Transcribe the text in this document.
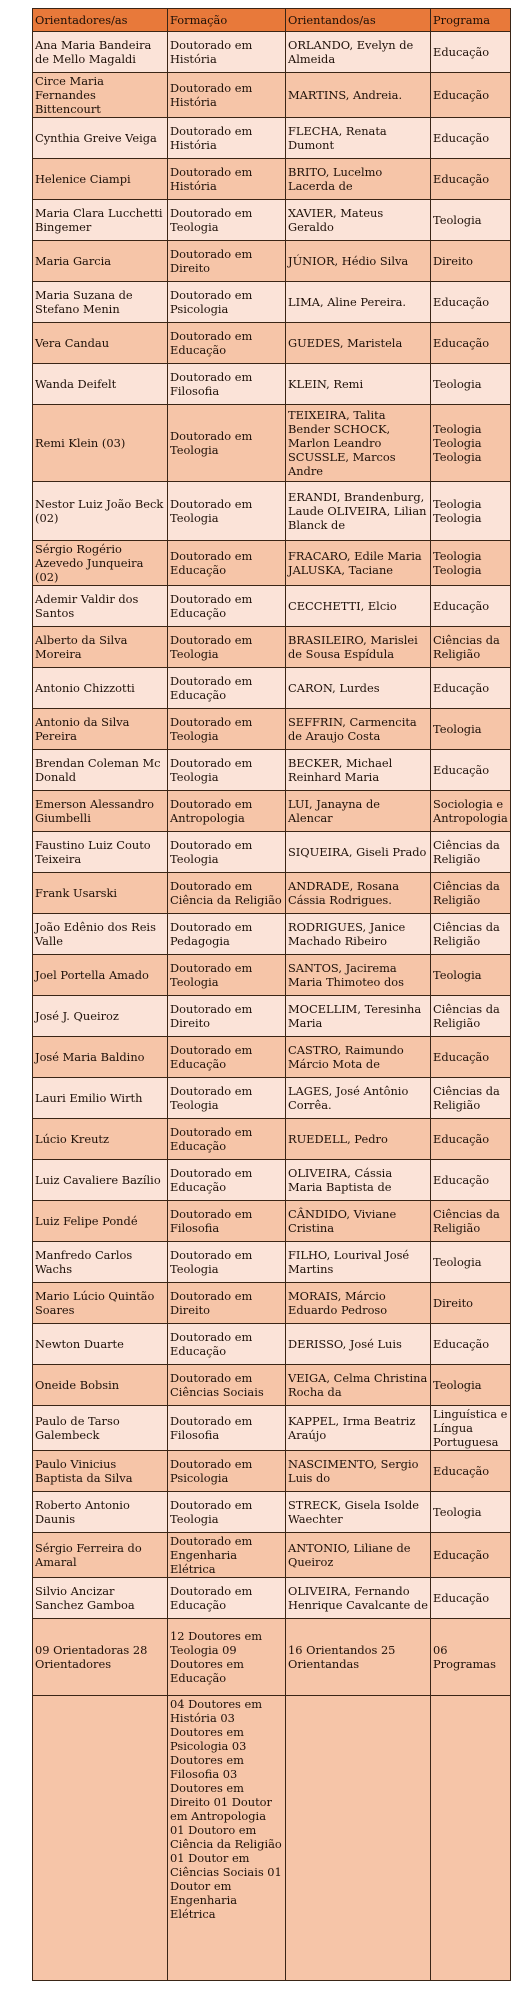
Orientadores/as	Formação	Orientandos/as	Programa
Ana Maria Bandeira de Mello Magaldi	Doutorado em História	ORLANDO, Evelyn de Almeida	Educação
Circe Maria Fernandes Bittencourt	Doutorado em História	MARTINS, Andreia.	Educação
Cynthia Greive Veiga	Doutorado em História	FLECHA, Renata Dumont	Educação
Helenice Ciampi	Doutorado em História	BRITO, Lucelmo Lacerda de	Educação
Maria Clara Lucchetti Bingemer	Doutorado em Teologia	XAVIER, Mateus Geraldo	Teologia
Maria Garcia	Doutorado em Direito	JÚNIOR, Hédio Silva	Direito
Maria Suzana de Stefano Menin	Doutorado em Psicologia	LIMA, Aline Pereira.	Educação
Vera Candau	Doutorado em Educação	GUEDES, Maristela	Educação
Wanda Deifelt	Doutorado em Filosofia	KLEIN, Remi	Teologia
Remi Klein (03)	Doutorado em Teologia	TEIXEIRA, Talita Bender SCHOCK, Marlon Leandro SCUSSLE, Marcos Andre	Teologia Teologia Teologia
Nestor Luiz João Beck (02)	Doutorado em Teologia	ERANDI, Brandenburg, Laude OLIVEIRA, Lilian Blanck de	Teologia Teologia
Sérgio Rogério Azevedo Junqueira (02)	Doutorado em Educação	FRACARO, Edile Maria JALUSKA, Taciane	Teologia Teologia
Ademir Valdir dos Santos	Doutorado em Educação	CECCHETTI, Elcio	Educação
Alberto da Silva Moreira	Doutorado em Teologia	BRASILEIRO, Marislei de Sousa Espídula	Ciências da Religião
Antonio Chizzotti	Doutorado em Educação	CARON, Lurdes	Educação
Antonio da Silva Pereira	Doutorado em Teologia	SEFFRIN, Carmencita de Araujo Costa	Teologia
Brendan Coleman Mc Donald	Doutorado em Teologia	BECKER, Michael Reinhard Maria	Educação
Emerson Alessandro Giumbelli	Doutorado em Antropologia	LUI, Janayna de Alencar	Sociologia e Antropologia
Faustino Luiz Couto Teixeira	Doutorado em Teologia	SIQUEIRA, Giseli Prado	Ciências da Religião
Frank Usarski	Doutorado em Ciência da Religião	ANDRADE, Rosana Cássia Rodrigues.	Ciências da Religião
João Edênio dos Reis Valle	Doutorado em Pedagogia	RODRIGUES, Janice Machado Ribeiro	Ciências da Religião
Joel Portella Amado	Doutorado em Teologia	SANTOS, Jacirema Maria Thimoteo dos	Teologia
José J. Queiroz	Doutorado em Direito	MOCELLIM, Teresinha Maria	Ciências da Religião
José Maria Baldino	Doutorado em Educação	CASTRO, Raimundo Márcio Mota de	Educação
Lauri Emilio Wirth	Doutorado em Teologia	LAGES, José Antônio Corrêa.	Ciências da Religião
Lúcio Kreutz	Doutorado em Educação	RUEDELL, Pedro	Educação
Luiz Cavaliere Bazílio	Doutorado em Educação	OLIVEIRA, Cássia Maria Baptista de	Educação
Luiz Felipe Pondé	Doutorado em Filosofia	CÂNDIDO, Viviane Cristina	Ciências da Religião
Manfredo Carlos Wachs	Doutorado em Teologia	FILHO, Lourival José Martins	Teologia
Mario Lúcio Quintão Soares	Doutorado em Direito	MORAIS, Márcio Eduardo Pedroso	Direito
Newton Duarte	Doutorado em Educação	DERISSO, José Luis	Educação
Oneide Bobsin	Doutorado em Ciências Sociais	VEIGA, Celma Christina Rocha da	Teologia
Paulo de Tarso Galembeck	Doutorado em Filosofia	KAPPEL, Irma Beatriz Araújo	Linguística e Língua Portuguesa
Paulo Vinicius Baptista da Silva	Doutorado em Psicologia	NASCIMENTO, Sergio Luis do	Educação
Roberto Antonio Daunis	Doutorado em Teologia	STRECK, Gisela Isolde Waechter	Teologia
Sérgio Ferreira do Amaral	Doutorado em Engenharia Elétrica	ANTONIO, Liliane de Queiroz	Educação
Silvio Ancizar Sanchez Gamboa	Doutorado em Educação	OLIVEIRA, Fernando Henrique Cavalcante de	Educação
09 Orientadoras 28 Orientadores	12 Doutores em Teologia 09 Doutores em Educação	16 Orientandos 25 Orientandas	06 Programas
	04 Doutores em História 03 Doutores em Psicologia 03 Doutores em Filosofia 03 Doutores em Direito 01 Doutor em Antropologia 01 Doutoro em Ciência da Religião 01 Doutor em Ciências Sociais 01 Doutor em Engenharia Elétrica		
